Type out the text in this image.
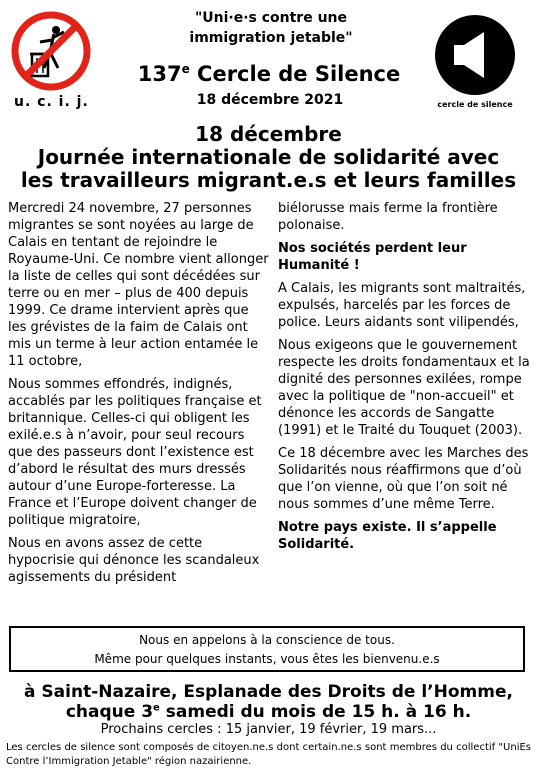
u. c. i. j.
"Uni·e·s contre une
immigration jetable"
137e Cercle de Silence
18 décembre 2021	cercle de silence
18 décembre
Journée internationale de solidarité avec
les travailleurs migrant.e.s et leurs familles

Mercredi 24 novembre, 27 personnes migrantes se sont noyées au large de Calais en tentant de rejoindre le Royaume-Uni. Ce nombre vient allonger la liste de celles qui sont décédées sur terre ou en mer – plus de 400 depuis 1999. Ce drame intervient après que les grévistes de la faim de Calais ont mis un terme à leur action entamée le 11 octobre,

Nous sommes effondrés, indignés, accablés par les politiques française et britannique. Celles-ci qui obligent les exilé.e.s à n’avoir, pour seul recours que des passeurs dont l’existence est d’abord le résultat des murs dressés autour d’une Europe-forteresse. La France et l’Europe doivent changer de politique migratoire,

Nous en avons assez de cette hypocrisie qui dénonce les scandaleux agissements du président

biélorusse mais ferme la frontière polonaise.

Nos sociétés perdent leur Humanité !

A Calais, les migrants sont maltraités, expulsés, harcelés par les forces de police. Leurs aidants sont vilipendés,

Nous exigeons que le gouvernement respecte les droits fondamentaux et la dignité des personnes exilées, rompe avec la politique de "non-accueil" et dénonce les accords de Sangatte (1991) et le Traité du Touquet (2003).

Ce 18 décembre avec les Marches des Solidarités nous réaffirmons que d’où que l’on vienne, où que l’on soit né nous sommes d’une même Terre.

Notre pays existe. Il s’appelle Solidarité.

Nous en appelons à la conscience de tous.
Même pour quelques instants, vous êtes les bienvenu.e.s
à Saint-Nazaire, Esplanade des Droits de l’Homme,
chaque 3e samedi du mois de 15 h. à 16 h.
Prochains cercles : 15 janvier, 19 février, 19 mars...
Les cercles de silence sont composés de citoyen.ne.s dont certain.ne.s sont membres du collectif "UniEs Contre l’Immigration Jetable" région nazairienne.
